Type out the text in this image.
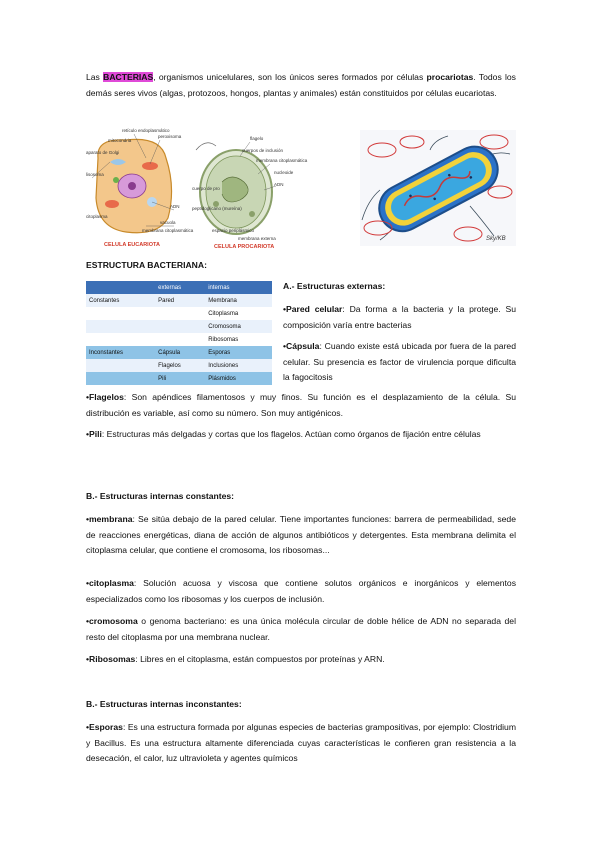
Las BACTERIAS, organismos unicelulares, son los únicos seres formados por células procariotas. Todos los demás seres vivos (algas, protozoos, hongos, plantas y animales) están constituidos por células eucariotas.

retículo endoplasmático
mitocondria
peroxisoma
aparato de Golgi
lisosoma
citoplasma
ADN
vacuola
membrana citoplasmática
CELULA EUCARIOTA
flagelo
cuerpos de inclusión
membrana citoplasmática
nucleoide
ADN
cuerpo de pro
peptidoglicano (mureína)
espacio periplásmico
membrana externa
CELULA PROCARIOTA
Sky/KB

ESTRUCTURA BACTERIANA:

	externas	internas
Constantes	Pared	Membrana
		Citoplasma
		Cromosoma
		Ribosomas
Inconstantes	Cápsula	Esporas
	Flagelos	Inclusiones
	Pili	Plásmidos

A.- Estructuras externas:

•Pared celular: Da forma a la bacteria y la protege. Su composición varía entre bacterias

•Cápsula: Cuando existe está ubicada por fuera de la pared celular. Su presencia es factor de virulencia porque dificulta la fagocitosis

•Flagelos: Son apéndices filamentosos y muy finos. Su función es el desplazamiento de la célula. Su distribución es variable, así como su número. Son muy antigénicos.

•Pili: Estructuras más delgadas y cortas que los flagelos. Actúan como órganos de fijación entre células

B.- Estructuras internas constantes:

•membrana: Se sitúa debajo de la pared celular. Tiene importantes funciones: barrera de permeabilidad, sede de reacciones energéticas, diana de acción de algunos antibióticos y detergentes. Esta membrana delimita el citoplasma celular, que contiene el cromosoma, los ribosomas...

•citoplasma: Solución acuosa y viscosa que contiene solutos orgánicos e inorgánicos y elementos especializados como los ribosomas y los cuerpos de inclusión.

•cromosoma o genoma bacteriano: es una única molécula circular de doble hélice de ADN no separada del resto del citoplasma por una membrana nuclear.

•Ribosomas: Libres en el citoplasma, están compuestos por proteínas y ARN.

B.- Estructuras internas inconstantes:

•Esporas: Es una estructura formada por algunas especies de bacterias grampositivas, por ejemplo: Clostridium y Bacillus. Es una estructura altamente diferenciada cuyas características le confieren gran resistencia a la desecación, el calor, luz ultravioleta y agentes químicos
